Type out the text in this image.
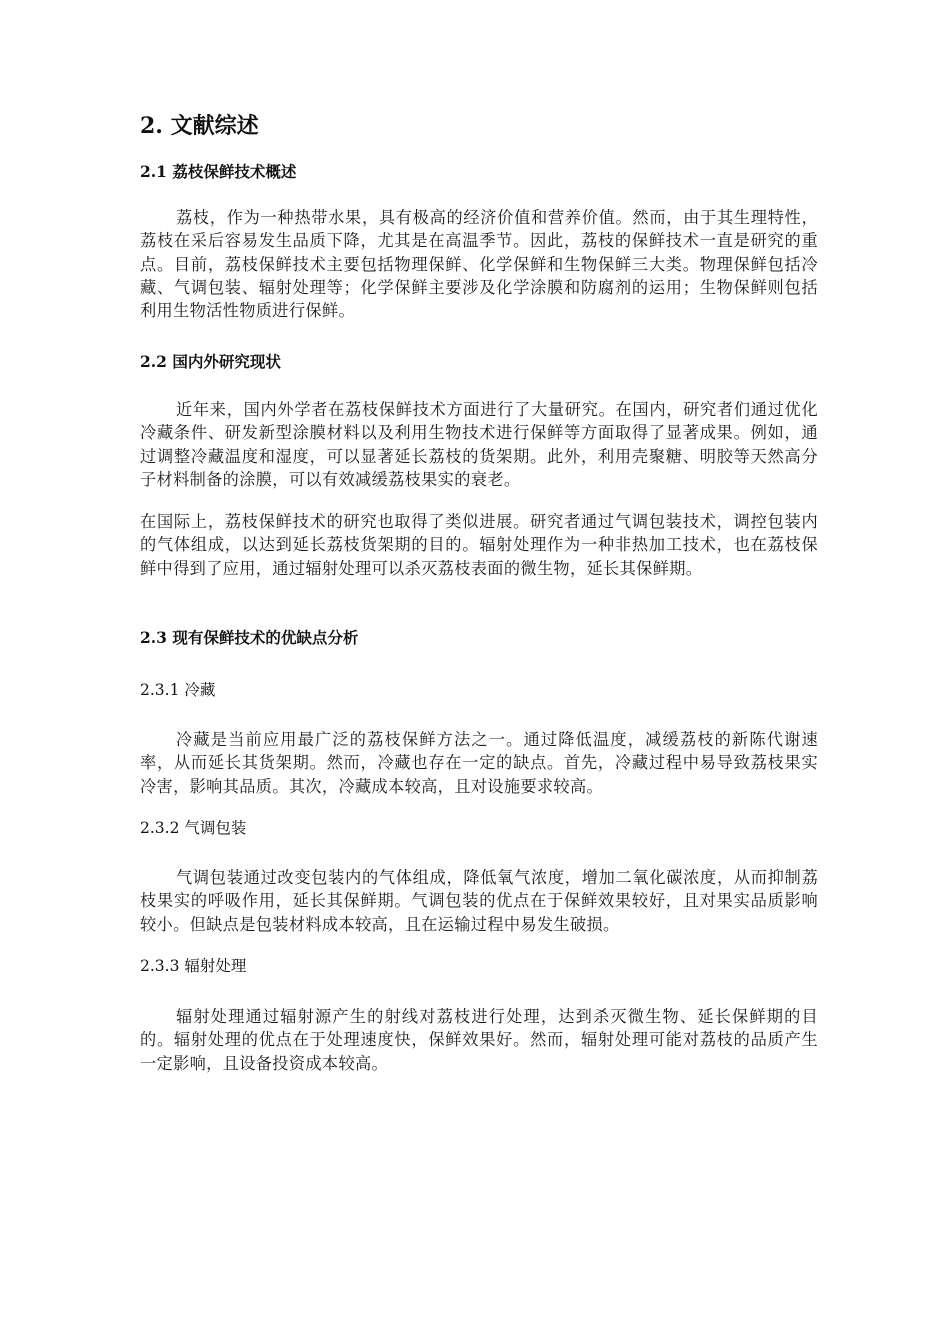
2. 文献综述
2.1 荔枝保鲜技术概述

荔枝，作为一种热带水果，具有极高的经济价值和营养价值。然而，由于其生理特性，荔枝在采后容易发生品质下降，尤其是在高温季节。因此，荔枝的保鲜技术一直是研究的重点。目前，荔枝保鲜技术主要包括物理保鲜、化学保鲜和生物保鲜三大类。物理保鲜包括冷藏、气调包装、辐射处理等；化学保鲜主要涉及化学涂膜和防腐剂的运用；生物保鲜则包括利用生物活性物质进行保鲜。

2.2 国内外研究现状

近年来，国内外学者在荔枝保鲜技术方面进行了大量研究。在国内，研究者们通过优化冷藏条件、研发新型涂膜材料以及利用生物技术进行保鲜等方面取得了显著成果。例如，通过调整冷藏温度和湿度，可以显著延长荔枝的货架期。此外，利用壳聚糖、明胶等天然高分子材料制备的涂膜，可以有效减缓荔枝果实的衰老。

在国际上，荔枝保鲜技术的研究也取得了类似进展。研究者通过气调包装技术，调控包装内的气体组成，以达到延长荔枝货架期的目的。辐射处理作为一种非热加工技术，也在荔枝保鲜中得到了应用，通过辐射处理可以杀灭荔枝表面的微生物，延长其保鲜期。

2.3 现有保鲜技术的优缺点分析
2.3.1 冷藏

冷藏是当前应用最广泛的荔枝保鲜方法之一。通过降低温度，减缓荔枝的新陈代谢速率，从而延长其货架期。然而，冷藏也存在一定的缺点。首先，冷藏过程中易导致荔枝果实冷害，影响其品质。其次，冷藏成本较高，且对设施要求较高。

2.3.2 气调包装

气调包装通过改变包装内的气体组成，降低氧气浓度，增加二氧化碳浓度，从而抑制荔枝果实的呼吸作用，延长其保鲜期。气调包装的优点在于保鲜效果较好，且对果实品质影响较小。但缺点是包装材料成本较高，且在运输过程中易发生破损。

2.3.3 辐射处理

辐射处理通过辐射源产生的射线对荔枝进行处理，达到杀灭微生物、延长保鲜期的目的。辐射处理的优点在于处理速度快，保鲜效果好。然而，辐射处理可能对荔枝的品质产生一定影响，且设备投资成本较高。
